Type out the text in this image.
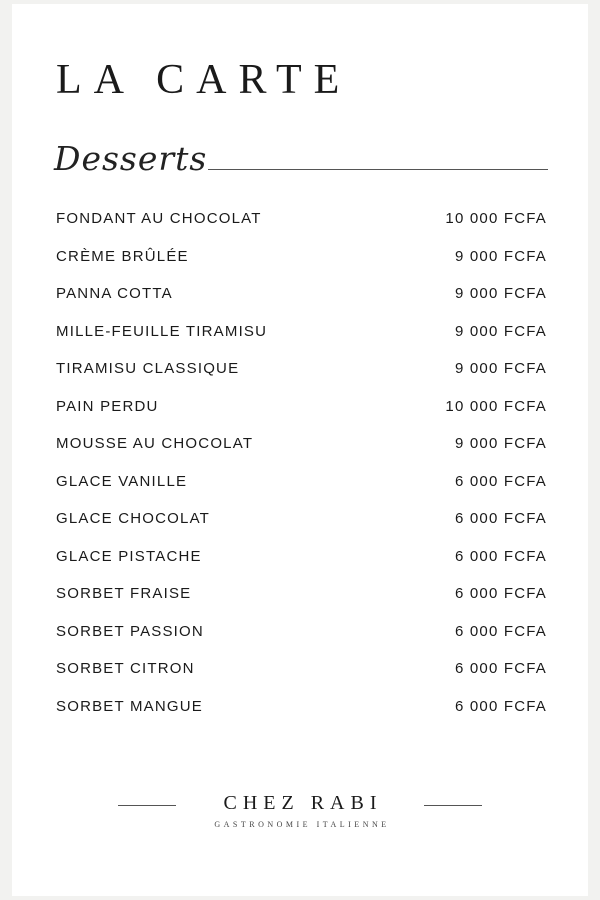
LA CARTE
Desserts
FONDANT AU CHOCOLAT	10 000 FCFA
CRÈME BRÛLÉE	9 000 FCFA
PANNA COTTA	9 000 FCFA
MILLE-FEUILLE TIRAMISU	9 000 FCFA
TIRAMISU CLASSIQUE	9 000 FCFA
PAIN PERDU	10 000 FCFA
MOUSSE AU CHOCOLAT	9 000 FCFA
GLACE VANILLE	6 000 FCFA
GLACE CHOCOLAT	6 000 FCFA
GLACE PISTACHE	6 000 FCFA
SORBET FRAISE	6 000 FCFA
SORBET PASSION	6 000 FCFA
SORBET CITRON	6 000 FCFA
SORBET MANGUE	6 000 FCFA
CHEZ RABI
GASTRONOMIE ITALIENNE
